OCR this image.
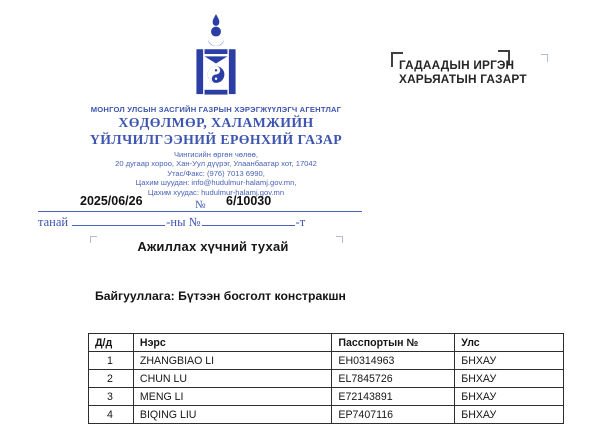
МОНГОЛ УЛСЫН ЗАСГИЙН ГАЗРЫН ХЭРЭГЖҮҮЛЭГЧ АГЕНТЛАГ
ХӨДӨЛМӨР, ХАЛАМЖИЙН
ҮЙЛЧИЛГЭЭНИЙ ЕРӨНХИЙ ГАЗАР
Чингисийн өргөн чөлөө,
20 дугаар хороо, Хан-Уул дүүрэг, Улаанбаатар хот, 17042
Утас/Факс: (976) 7013 6990,
Цахим шуудан: info@hudulmur-halamj.gov.mn,
Цахим хуудас: hudulmur-halamj.gov.mn
2025/06/26	№ 6/10030
танай	-ны №	-т
Ажиллах хүчний тухай
ГАДААДЫН ИРГЭН
ХАРЬЯАТЫН ГАЗАРТ
Байгууллага: Бүтээн босголт констракшн
Д/д	Нэрс	Пасспортын №	Улс
1	ZHANGBIAO LI	EH0314963	БНХАУ
2	CHUN LU	EL7845726	БНХАУ
3	MENG LI	E72143891	БНХАУ
4	BIQING LIU	EP7407116	БНХАУ
